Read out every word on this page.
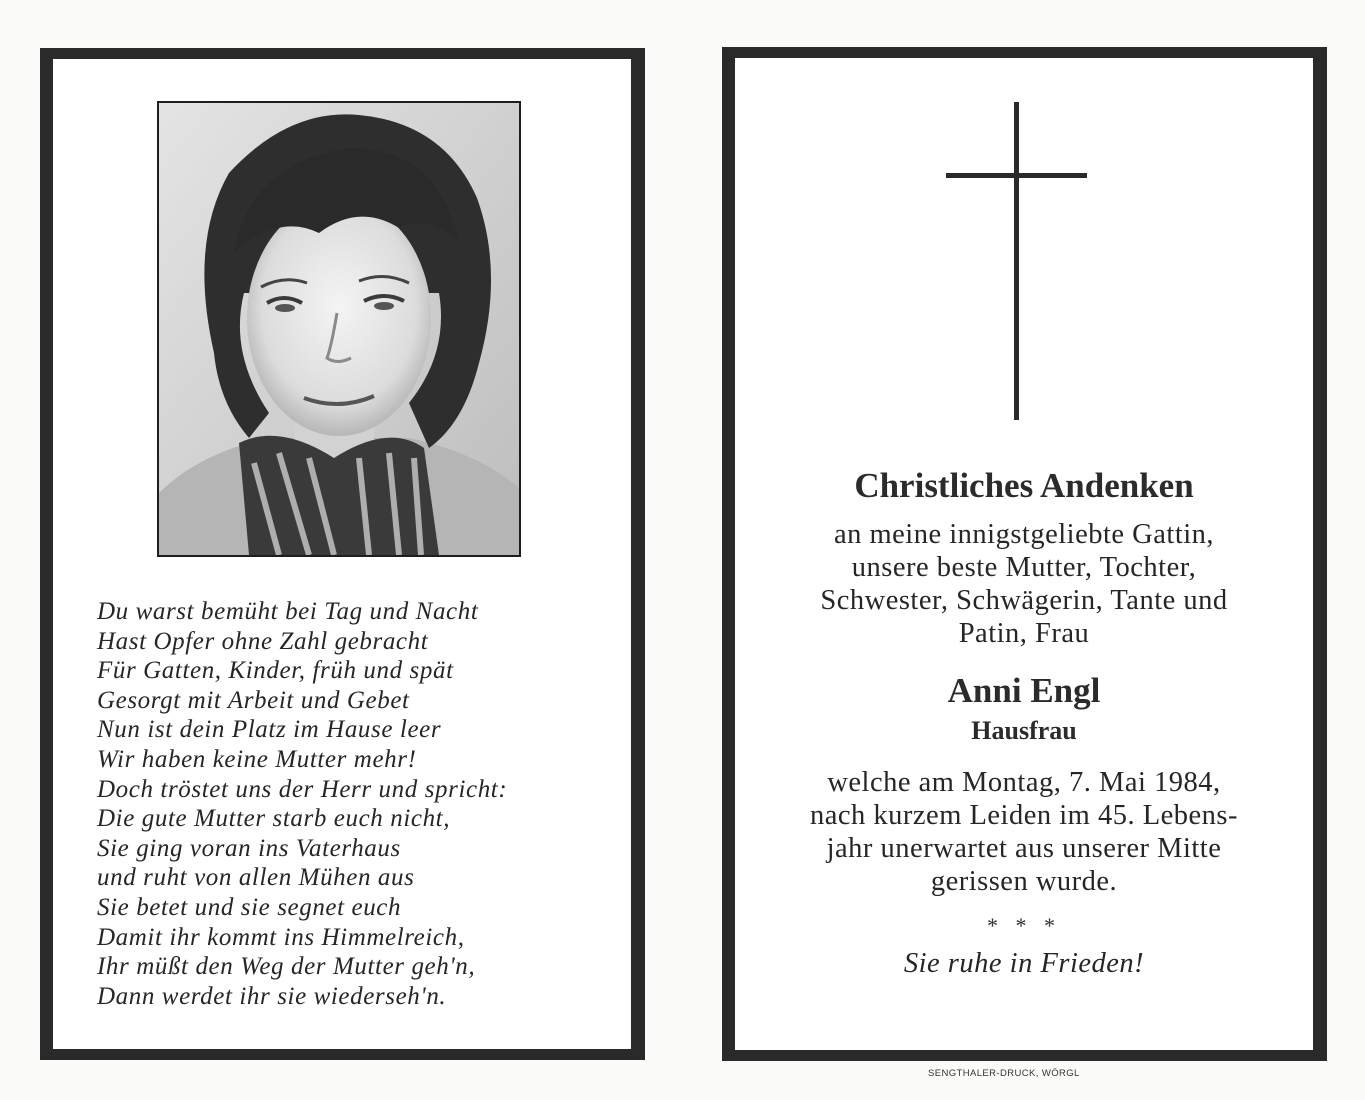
Du warst bemüht bei Tag und Nacht
Hast Opfer ohne Zahl gebracht
Für Gatten, Kinder, früh und spät
Gesorgt mit Arbeit und Gebet
Nun ist dein Platz im Hause leer
Wir haben keine Mutter mehr!
Doch tröstet uns der Herr und spricht:
Die gute Mutter starb euch nicht,
Sie ging voran ins Vaterhaus
und ruht von allen Mühen aus
Sie betet und sie segnet euch
Damit ihr kommt ins Himmelreich,
Ihr müßt den Weg der Mutter geh'n,
Dann werdet ihr sie wiederseh'n.
Christliches Andenken
an meine innigstgeliebte Gattin,
unsere beste Mutter, Tochter,
Schwester, Schwägerin, Tante und
Patin, Frau
Anni Engl
Hausfrau
welche am Montag, 7. Mai 1984,
nach kurzem Leiden im 45. Lebens-
jahr unerwartet aus unserer Mitte
gerissen wurde.
* * *
Sie ruhe in Frieden!
SENGTHALER-DRUCK, WÖRGL
